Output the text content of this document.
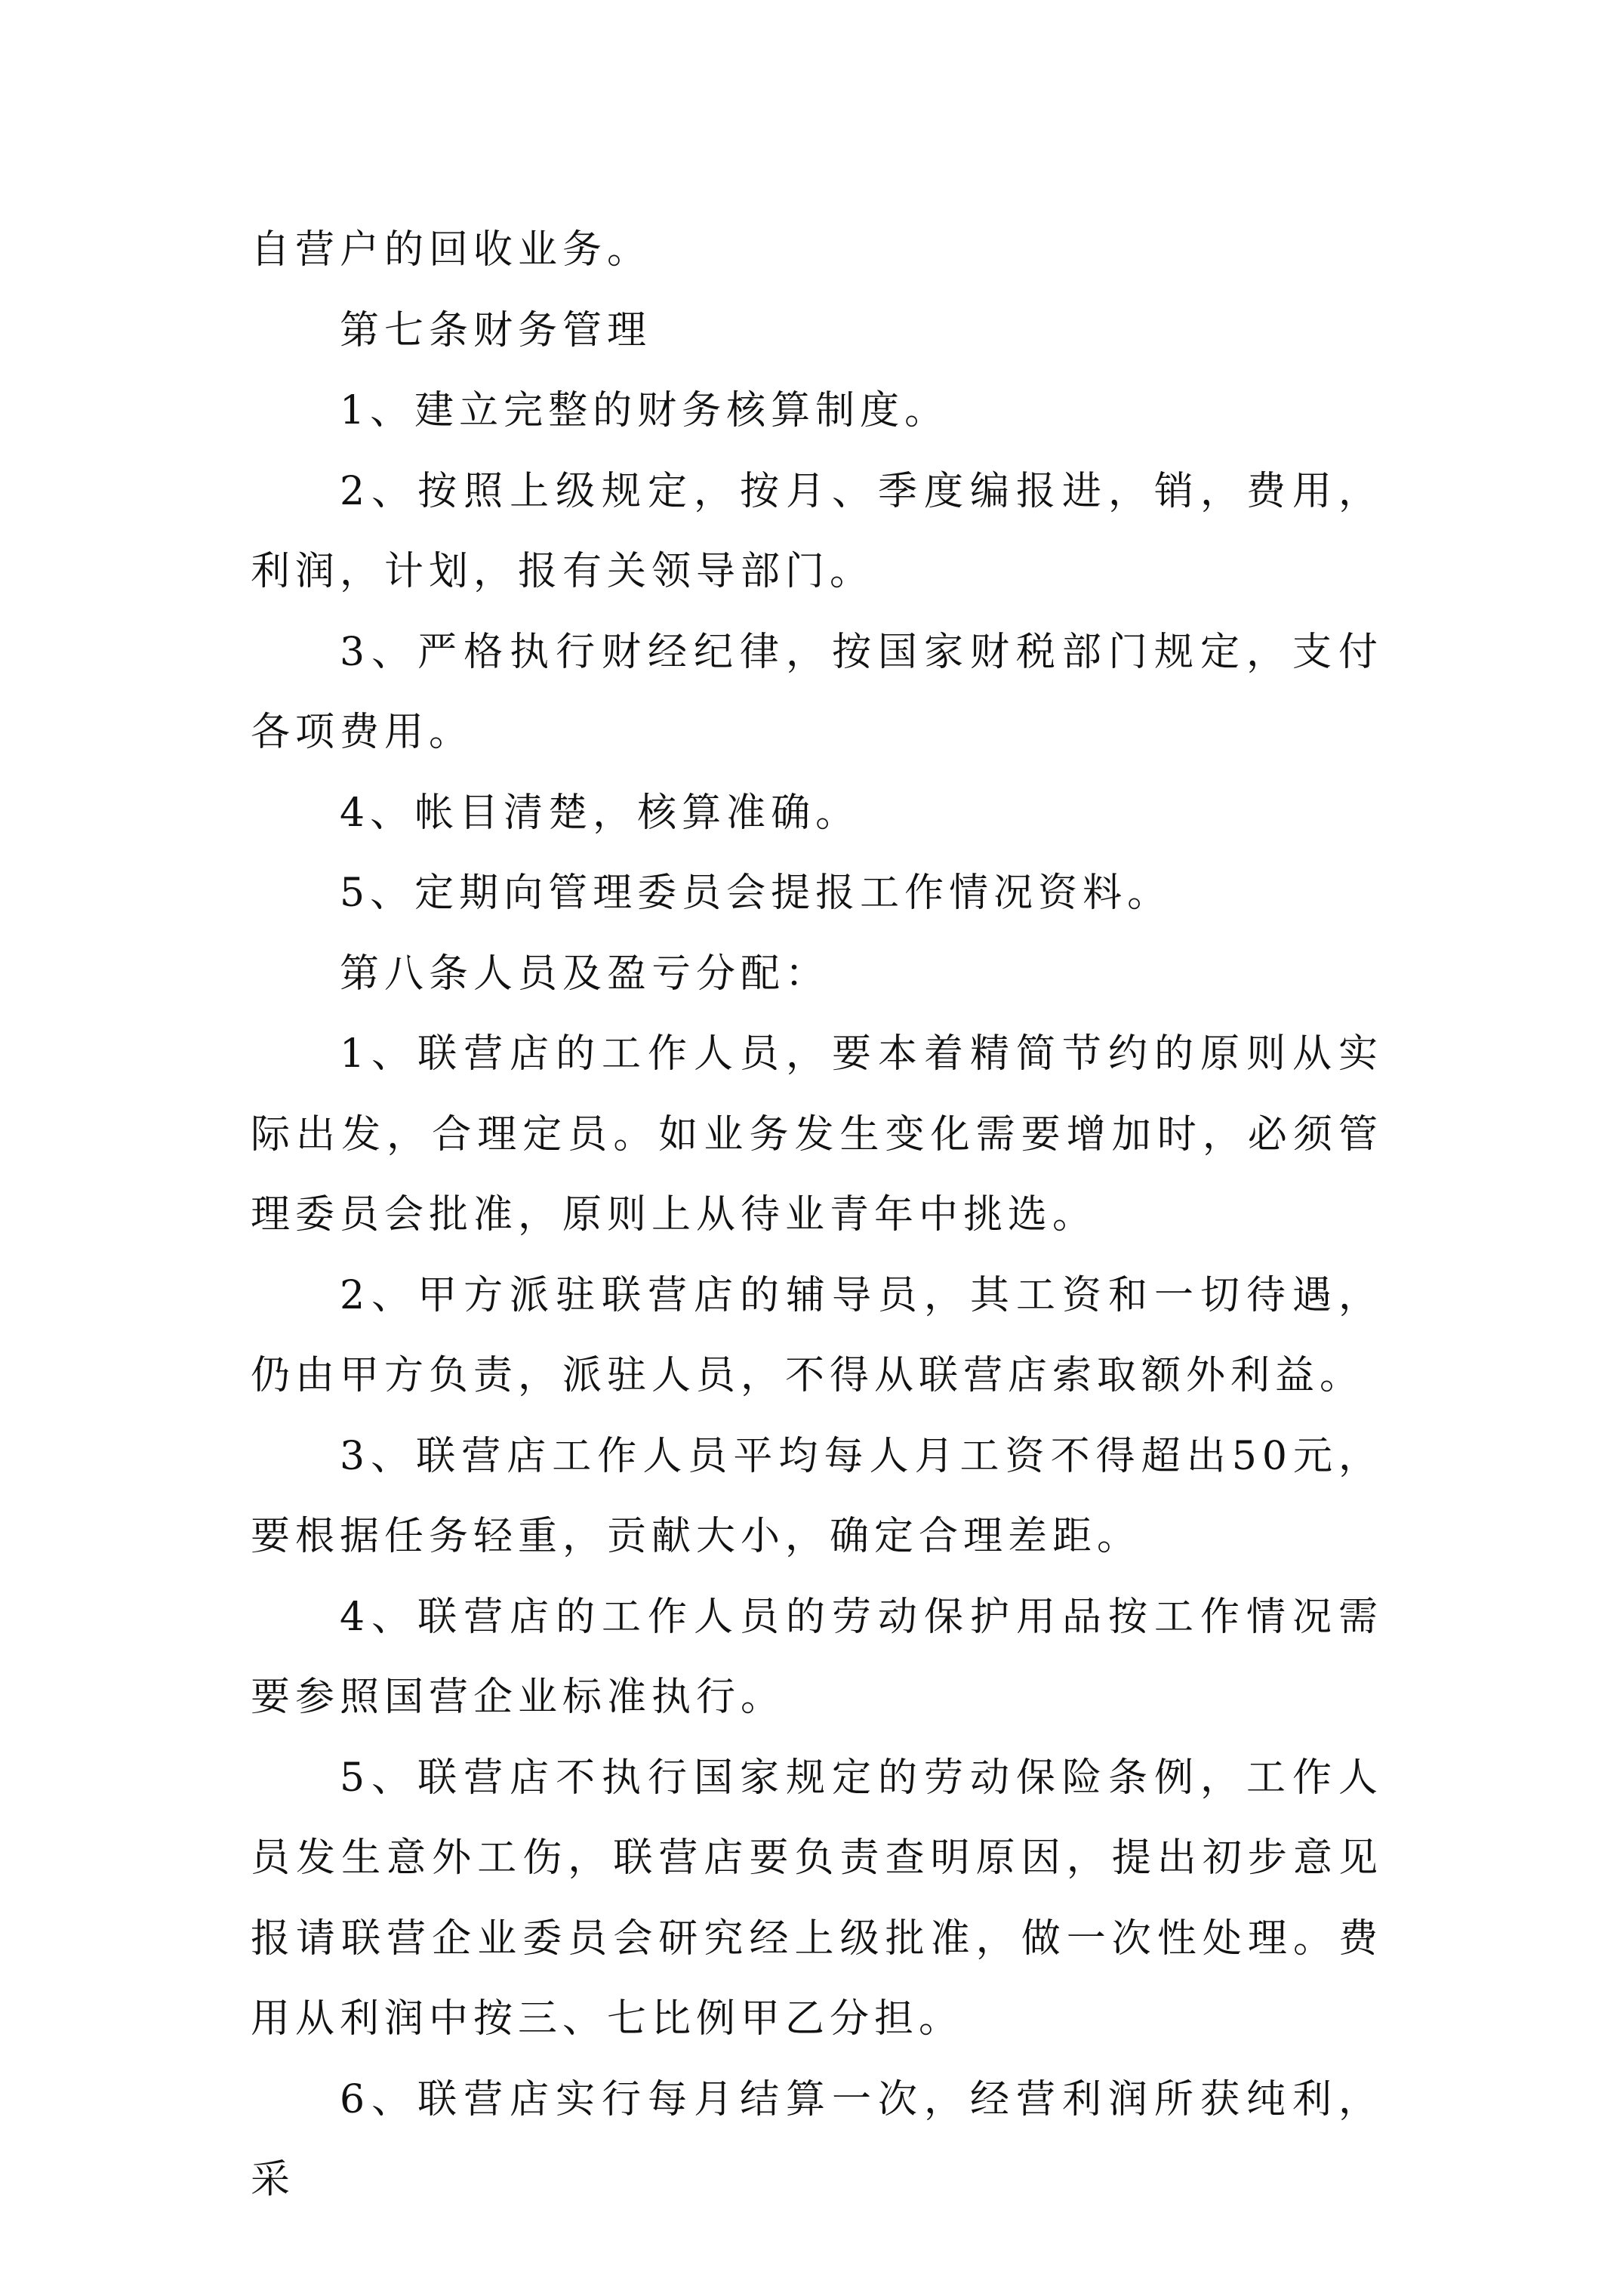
自营户的回收业务。

第七条财务管理

1、建立完整的财务核算制度。

2、按照上级规定，按月、季度编报进，销，费用，利润，计划，报有关领导部门。

3、严格执行财经纪律，按国家财税部门规定，支付各项费用。

4、帐目清楚，核算准确。

5、定期向管理委员会提报工作情况资料。

第八条人员及盈亏分配：

1、联营店的工作人员，要本着精简节约的原则从实际出发，合理定员。如业务发生变化需要增加时，必须管理委员会批准，原则上从待业青年中挑选。

2、甲方派驻联营店的辅导员，其工资和一切待遇，仍由甲方负责，派驻人员，不得从联营店索取额外利益。

3、联营店工作人员平均每人月工资不得超出50元，要根据任务轻重，贡献大小，确定合理差距。

4、联营店的工作人员的劳动保护用品按工作情况需要参照国营企业标准执行。

5、联营店不执行国家规定的劳动保险条例，工作人员发生意外工伤，联营店要负责查明原因，提出初步意见报请联营企业委员会研究经上级批准，做一次性处理。费用从利润中按三、七比例甲乙分担。

6、联营店实行每月结算一次，经营利润所获纯利，采
